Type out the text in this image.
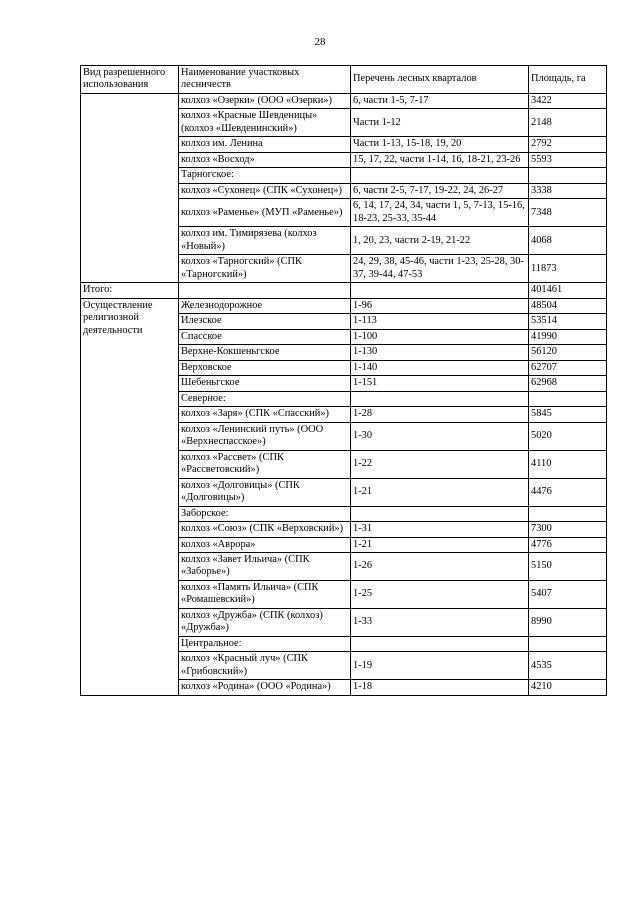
28
Вид разрешенного использования	Наименование участковых лесничеств	Перечень лесных кварталов	Площадь, га
	колхоз «Озерки» (ООО «Озерки»)	6, части 1-5, 7-17	3422
	колхоз «Красные Шевденицы» (колхоз «Шевденинский»)	Части 1-12	2148
	колхоз им. Ленина	Части 1-13, 15-18, 19, 20	2792
	колхоз «Восход»	15, 17, 22, части 1-14, 16, 18-21, 23-26	5593
	Тарногское:		
	колхоз «Сухонец» (СПК «Сухонец»)	6, части 2-5, 7-17, 19-22, 24, 26-27	3338
	колхоз «Раменье» (МУП «Раменье»)	6, 14, 17, 24, 34, части 1, 5, 7-13, 15-16, 18-23, 25-33, 35-44	7348
	колхоз им. Тимирязева (колхоз «Новый»)	1, 20, 23, части 2-19, 21-22	4068
	колхоз «Тарногский» (СПК «Тарногский»)	24, 29, 38, 45-46, части 1-23, 25-28, 30-37, 39-44, 47-53	11873
Итого:			401461
Осуществление религиозной деятельности	Железнодорожное	1-96	48504
	Илезское	1-113	53514
	Спасское	1-100	41990
	Верхне-Кокшеньгское	1-130	56120
	Верховское	1-140	62707
	Шебеньгское	1-151	62968
	Северное:		
	колхоз «Заря» (СПК «Спасский»)	1-28	5845
	колхоз «Ленинский путь» (ООО «Верхнеспасское»)	1-30	5020
	колхоз «Рассвет» (СПК «Рассветовский»)	1-22	4110
	колхоз «Долговицы» (СПК «Долговицы»)	1-21	4476
	Заборское:		
	колхоз «Союз» (СПК «Верховский»)	1-31	7300
	колхоз «Аврора»	1-21	4776
	колхоз «Завет Ильича» (СПК «Заборье»)	1-26	5150
	колхоз «Память Ильича» (СПК «Ромашевский»)	1-25	5407
	колхоз «Дружба» (СПК (колхоз) «Дружба»)	1-33	8990
	Центральное:		
	колхоз «Красный луч» (СПК «Грибовский»)	1-19	4535
	колхоз «Родина» (ООО «Родина»)	1-18	4210
